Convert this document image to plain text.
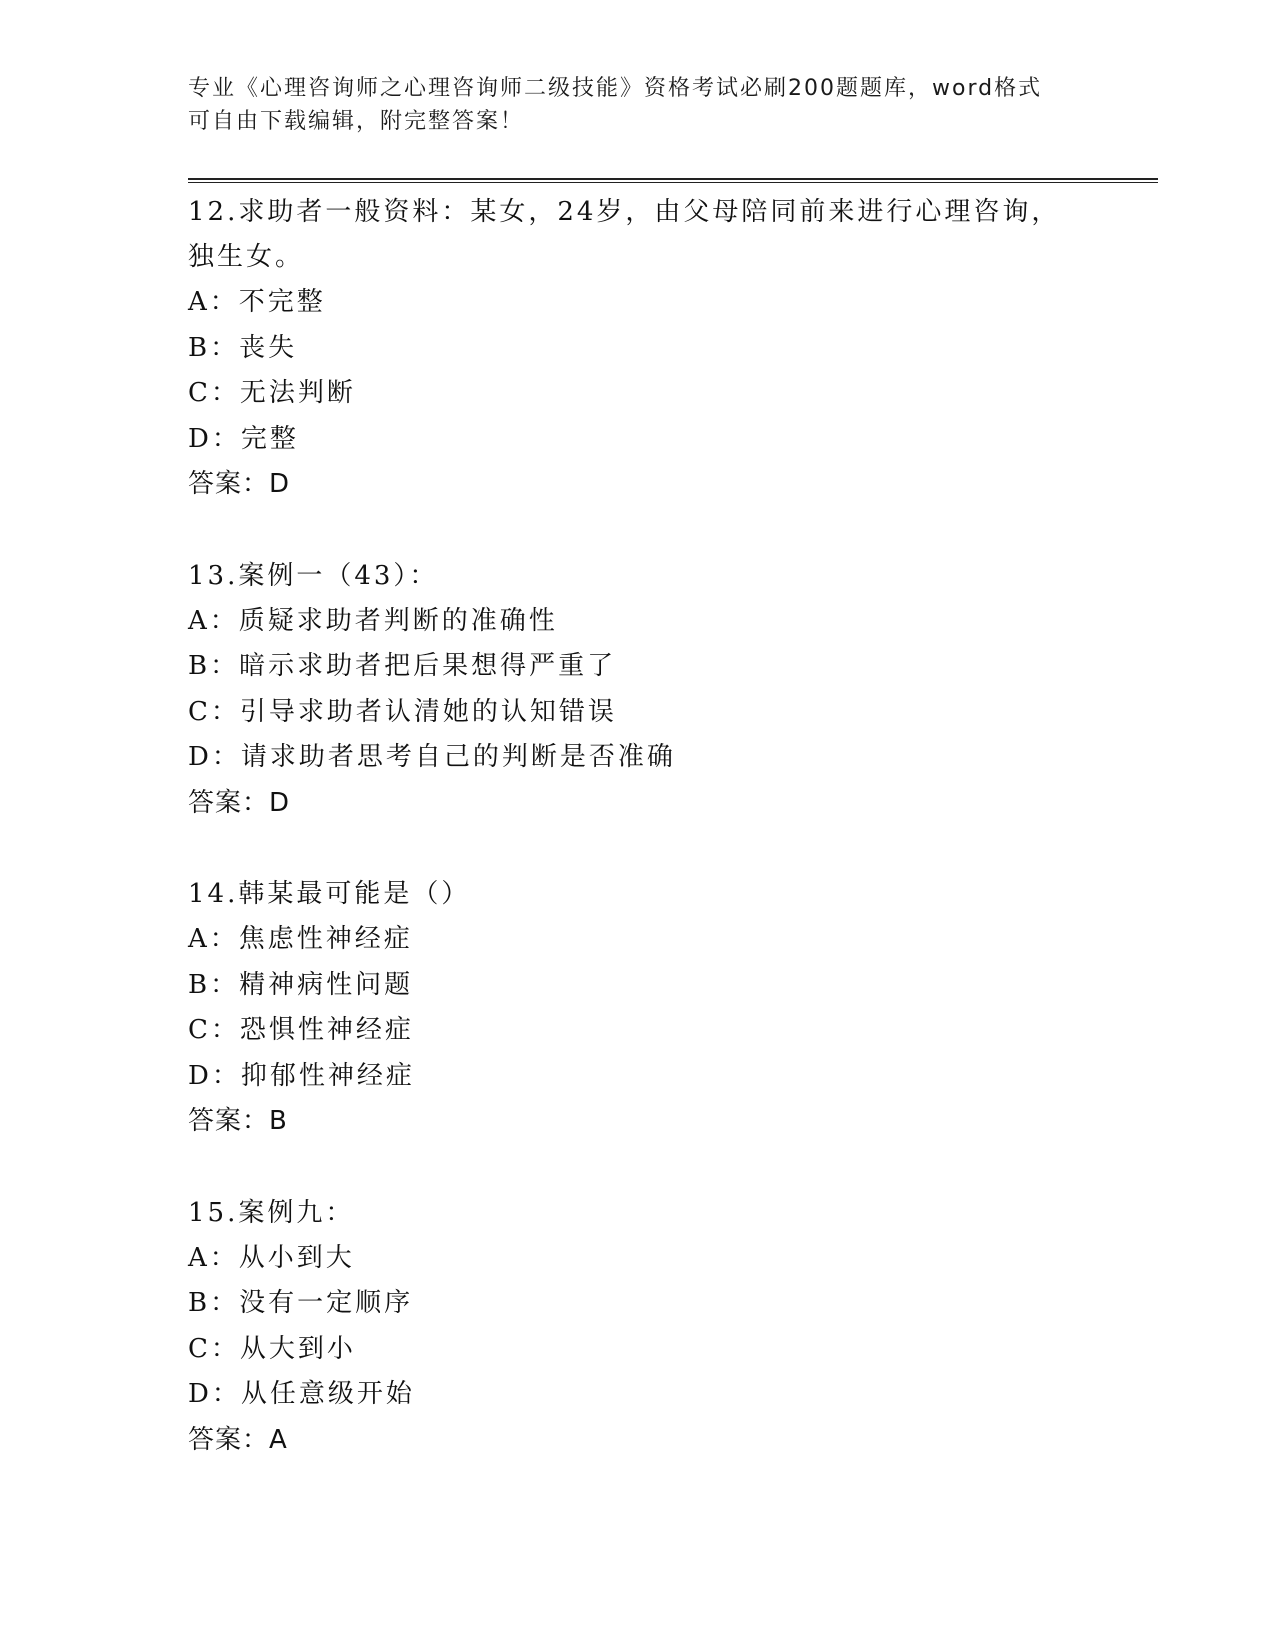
专业《心理咨询师之心理咨询师二级技能》资格考试必刷200题题库，word格式
可自由下载编辑，附完整答案！

12.求助者一般资料：某女，24岁，由父母陪同前来进行心理咨询，独生女。

A：不完整

B：丧失

C：无法判断

D：完整

答案：D

13.案例一（43）：

A：质疑求助者判断的准确性

B：暗示求助者把后果想得严重了

C：引导求助者认清她的认知错误

D：请求助者思考自己的判断是否准确

答案：D

14.韩某最可能是（）

A：焦虑性神经症

B：精神病性问题

C：恐惧性神经症

D：抑郁性神经症

答案：B

15.案例九：

A：从小到大

B：没有一定顺序

C：从大到小

D：从任意级开始

答案：A
